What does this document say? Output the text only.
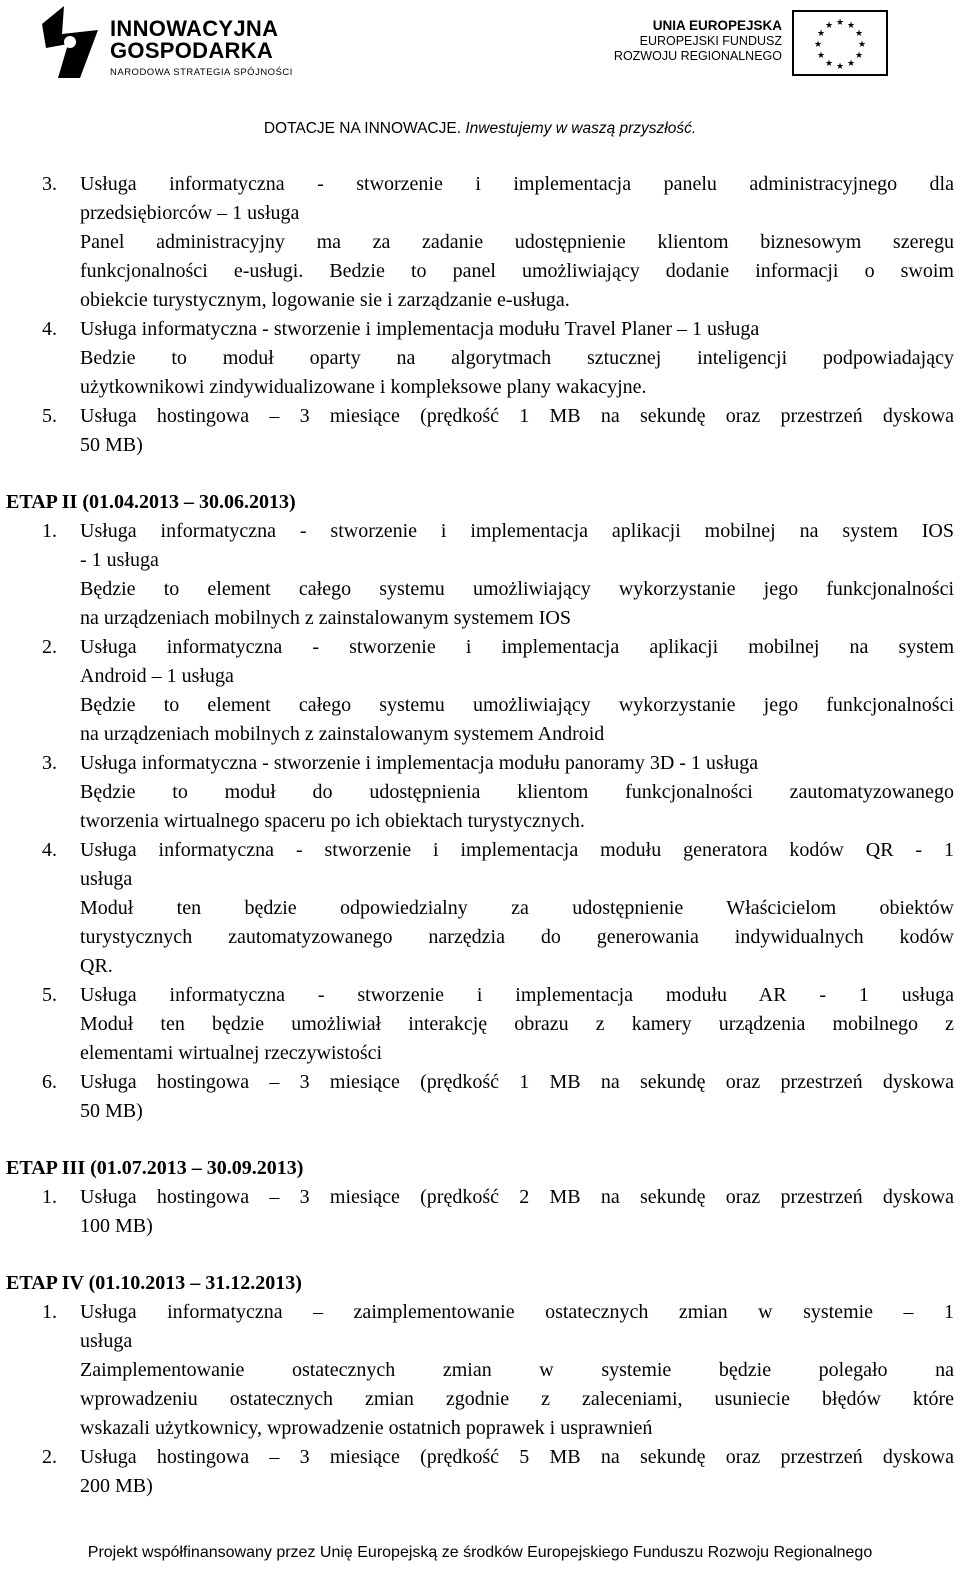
INNOWACYJNA
GOSPODARKA
NARODOWA STRATEGIA SPÓJNOŚCI
UNIA EUROPEJSKA
EUROPEJSKI FUNDUSZ
ROZWOJU REGIONALNEGO
★ ★
★
★
★
★
★
★
★
★
★
★
DOTACJE NA INNOWACJE. Inwestujemy w waszą przyszłość.
3. Usługa informatyczna - stworzenie i implementacja panelu administracyjnego dla
przedsiębiorców – 1 usługa
Panel administracyjny ma za zadanie udostępnienie klientom biznesowym szeregu
funkcjonalności e-usługi. Bedzie to panel umożliwiający dodanie informacji o swoim
obiekcie turystycznym, logowanie sie i zarządzanie e-usługa.
4. Usługa informatyczna - stworzenie i implementacja modułu Travel Planer – 1 usługa
Bedzie to moduł oparty na algorytmach sztucznej inteligencji podpowiadający
użytkownikowi zindywidualizowane i kompleksowe plany wakacyjne.
5. Usługa hostingowa – 3 miesiące (prędkość 1 MB na sekundę oraz przestrzeń dyskowa
50 MB)
ETAP II (01.04.2013 – 30.06.2013)
1. Usługa informatyczna - stworzenie i implementacja aplikacji mobilnej na system IOS
- 1 usługa
Będzie to element całego systemu umożliwiający wykorzystanie jego funkcjonalności
na urządzeniach mobilnych z zainstalowanym systemem IOS
2. Usługa informatyczna - stworzenie i implementacja aplikacji mobilnej na system
Android – 1 usługa
Będzie to element całego systemu umożliwiający wykorzystanie jego funkcjonalności
na urządzeniach mobilnych z zainstalowanym systemem Android
3. Usługa informatyczna - stworzenie i implementacja modułu panoramy 3D - 1 usługa
Będzie to moduł do udostępnienia klientom funkcjonalności zautomatyzowanego
tworzenia wirtualnego spaceru po ich obiektach turystycznych.
4. Usługa informatyczna - stworzenie i implementacja modułu generatora kodów QR - 1
usługa
Moduł ten będzie odpowiedzialny za udostępnienie Właścicielom obiektów
turystycznych zautomatyzowanego narzędzia do generowania indywidualnych kodów
QR.
5. Usługa informatyczna - stworzenie i implementacja modułu AR - 1 usługa
Moduł ten będzie umożliwiał interakcję obrazu z kamery urządzenia mobilnego z
elementami wirtualnej rzeczywistości
6. Usługa hostingowa – 3 miesiące (prędkość 1 MB na sekundę oraz przestrzeń dyskowa
50 MB)
ETAP III (01.07.2013 – 30.09.2013)
1. Usługa hostingowa – 3 miesiące (prędkość 2 MB na sekundę oraz przestrzeń dyskowa
100 MB)
ETAP IV (01.10.2013 – 31.12.2013)
1. Usługa informatyczna – zaimplementowanie ostatecznych zmian w systemie – 1
usługa
Zaimplementowanie ostatecznych zmian w systemie będzie polegało na
wprowadzeniu ostatecznych zmian zgodnie z zaleceniami, usuniecie błędów które
wskazali użytkownicy, wprowadzenie ostatnich poprawek i usprawnień
2. Usługa hostingowa – 3 miesiące (prędkość 5 MB na sekundę oraz przestrzeń dyskowa
200 MB)
Projekt współfinansowany przez Unię Europejską ze środków Europejskiego Funduszu Rozwoju Regionalnego
